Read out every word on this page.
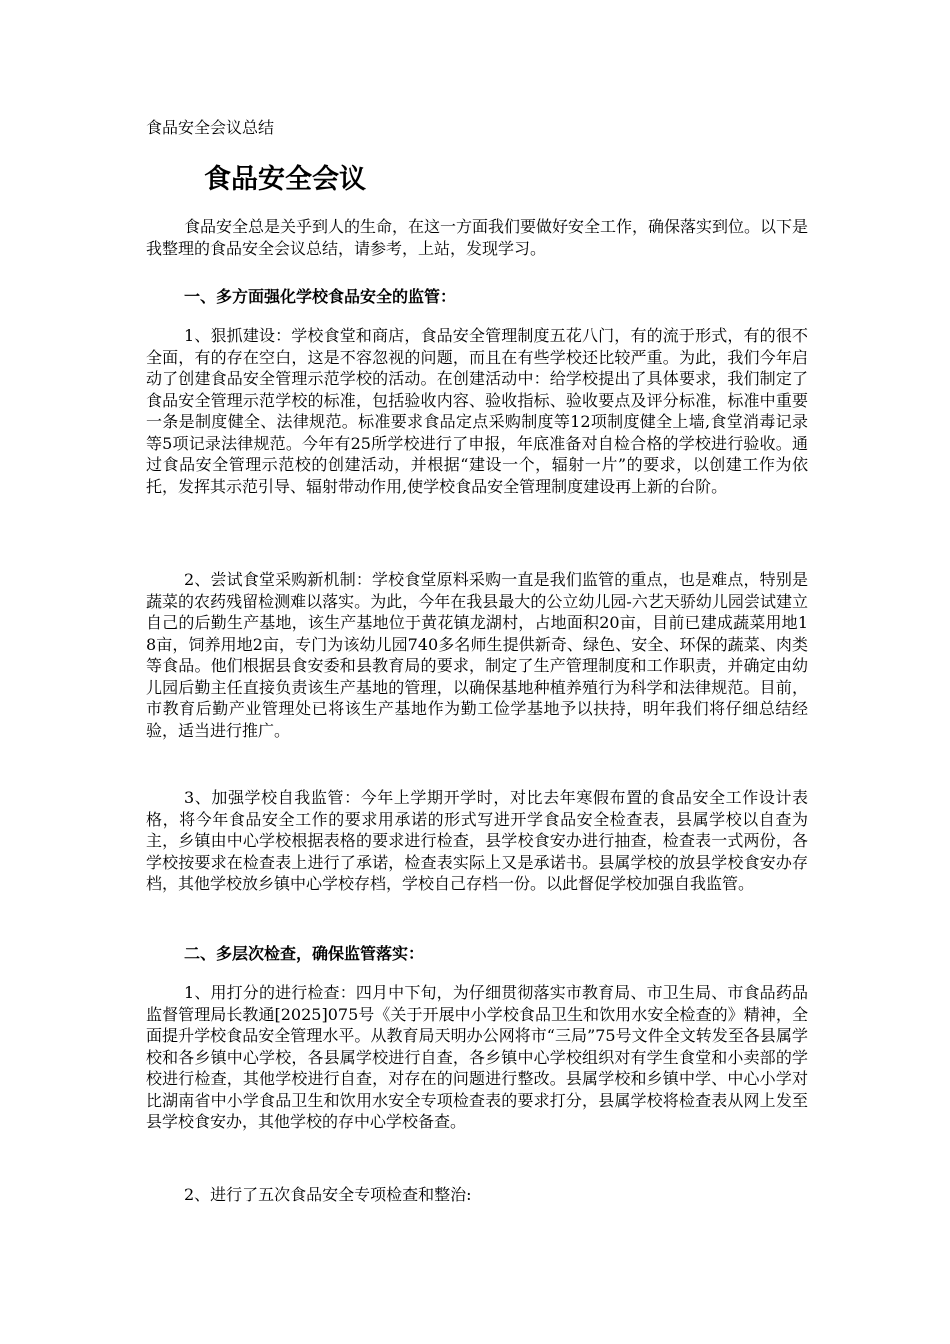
食品安全会议总结

食品安全会议

食品安全总是关乎到人的生命，在这一方面我们要做好安全工作，确保落实到位。以下是我整理的食品安全会议总结，请参考，上站，发现学习。

一、多方面强化学校食品安全的监管：

1、狠抓建设：学校食堂和商店，食品安全管理制度五花八门，有的流于形式，有的很不全面，有的存在空白，这是不容忽视的问题，而且在有些学校还比较严重。为此，我们今年启动了创建食品安全管理示范学校的活动。在创建活动中：给学校提出了具体要求，我们制定了食品安全管理示范学校的标准，包括验收内容、验收指标、验收要点及评分标准，标准中重要一条是制度健全、法律规范。标准要求食品定点采购制度等12项制度健全上墙,食堂消毒记录等5项记录法律规范。今年有25所学校进行了申报，年底准备对自检合格的学校进行验收。通过食品安全管理示范校的创建活动，并根据“建设一个，辐射一片”的要求，以创建工作为依托，发挥其示范引导、辐射带动作用,使学校食品安全管理制度建设再上新的台阶。

2、尝试食堂采购新机制：学校食堂原料采购一直是我们监管的重点，也是难点，特别是蔬菜的农药残留检测难以落实。为此，今年在我县最大的公立幼儿园-六艺天骄幼儿园尝试建立自己的后勤生产基地，该生产基地位于黄花镇龙湖村，占地面积20亩，目前已建成蔬菜用地18亩，饲养用地2亩，专门为该幼儿园740多名师生提供新奇、绿色、安全、环保的蔬菜、肉类等食品。他们根据县食安委和县教育局的要求，制定了生产管理制度和工作职责，并确定由幼儿园后勤主任直接负责该生产基地的管理，以确保基地种植养殖行为科学和法律规范。目前，市教育后勤产业管理处已将该生产基地作为勤工俭学基地予以扶持，明年我们将仔细总结经验，适当进行推广。

3、加强学校自我监管：今年上学期开学时，对比去年寒假布置的食品安全工作设计表格，将今年食品安全工作的要求用承诺的形式写进开学食品安全检查表，县属学校以自查为主，乡镇由中心学校根据表格的要求进行检查，县学校食安办进行抽查，检查表一式两份，各学校按要求在检查表上进行了承诺，检查表实际上又是承诺书。县属学校的放县学校食安办存档，其他学校放乡镇中心学校存档，学校自己存档一份。以此督促学校加强自我监管。

二、多层次检查，确保监管落实：

1、用打分的进行检查：四月中下旬，为仔细贯彻落实市教育局、市卫生局、市食品药品监督管理局长教通[2025]075号《关于开展中小学校食品卫生和饮用水安全检查的》精神，全面提升学校食品安全管理水平。从教育局天明办公网将市“三局”75号文件全文转发至各县属学校和各乡镇中心学校，各县属学校进行自查，各乡镇中心学校组织对有学生食堂和小卖部的学校进行检查，其他学校进行自查，对存在的问题进行整改。县属学校和乡镇中学、中心小学对比湖南省中小学食品卫生和饮用水安全专项检查表的要求打分，县属学校将检查表从网上发至县学校食安办，其他学校的存中心学校备查。

2、进行了五次食品安全专项检查和整治:
